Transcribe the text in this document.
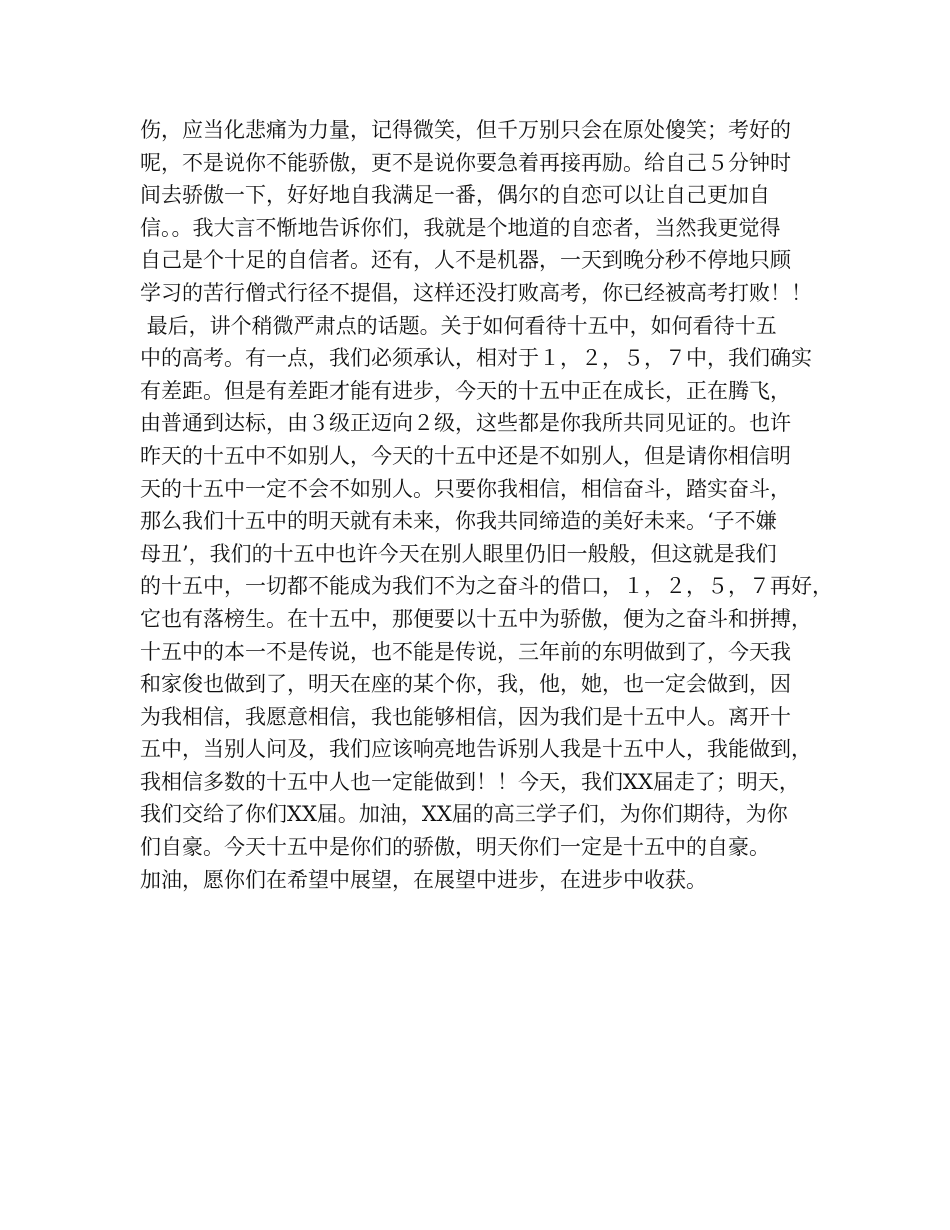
伤，应当化悲痛为力量，记得微笑，但千万别只会在原处傻笑；考好的
呢，不是说你不能骄傲，更不是说你要急着再接再励。给自己５分钟时
间去骄傲一下，好好地自我满足一番，偶尔的自恋可以让自己更加自
信。。我大言不惭地告诉你们，我就是个地道的自恋者，当然我更觉得
自己是个十足的自信者。还有，人不是机器，一天到晚分秒不停地只顾
学习的苦行僧式行径不提倡，这样还没打败高考，你已经被高考打败！！
最后，讲个稍微严肃点的话题。关于如何看待十五中，如何看待十五
中的高考。有一点，我们必须承认，相对于１，２，５，７中，我们确实
有差距。但是有差距才能有进步，今天的十五中正在成长，正在腾飞，
由普通到达标，由３级正迈向２级，这些都是你我所共同见证的。也许
昨天的十五中不如别人，今天的十五中还是不如别人，但是请你相信明
天的十五中一定不会不如别人。只要你我相信，相信奋斗，踏实奋斗，
那么我们十五中的明天就有未来，你我共同缔造的美好未来。‘子不嫌
母丑’，我们的十五中也许今天在别人眼里仍旧一般般，但这就是我们
的十五中，一切都不能成为我们不为之奋斗的借口，１，２，５，７再好，
它也有落榜生。在十五中，那便要以十五中为骄傲，便为之奋斗和拼搏，
十五中的本一不是传说，也不能是传说，三年前的东明做到了，今天我
和家俊也做到了，明天在座的某个你，我，他，她，也一定会做到，因
为我相信，我愿意相信，我也能够相信，因为我们是十五中人。离开十
五中，当别人问及，我们应该响亮地告诉别人我是十五中人，我能做到，
我相信多数的十五中人也一定能做到！！今天，我们XX届走了；明天，
我们交给了你们XX届。加油，XX届的高三学子们，为你们期待，为你
们自豪。今天十五中是你们的骄傲，明天你们一定是十五中的自豪。
加油，愿你们在希望中展望，在展望中进步，在进步中收获。
